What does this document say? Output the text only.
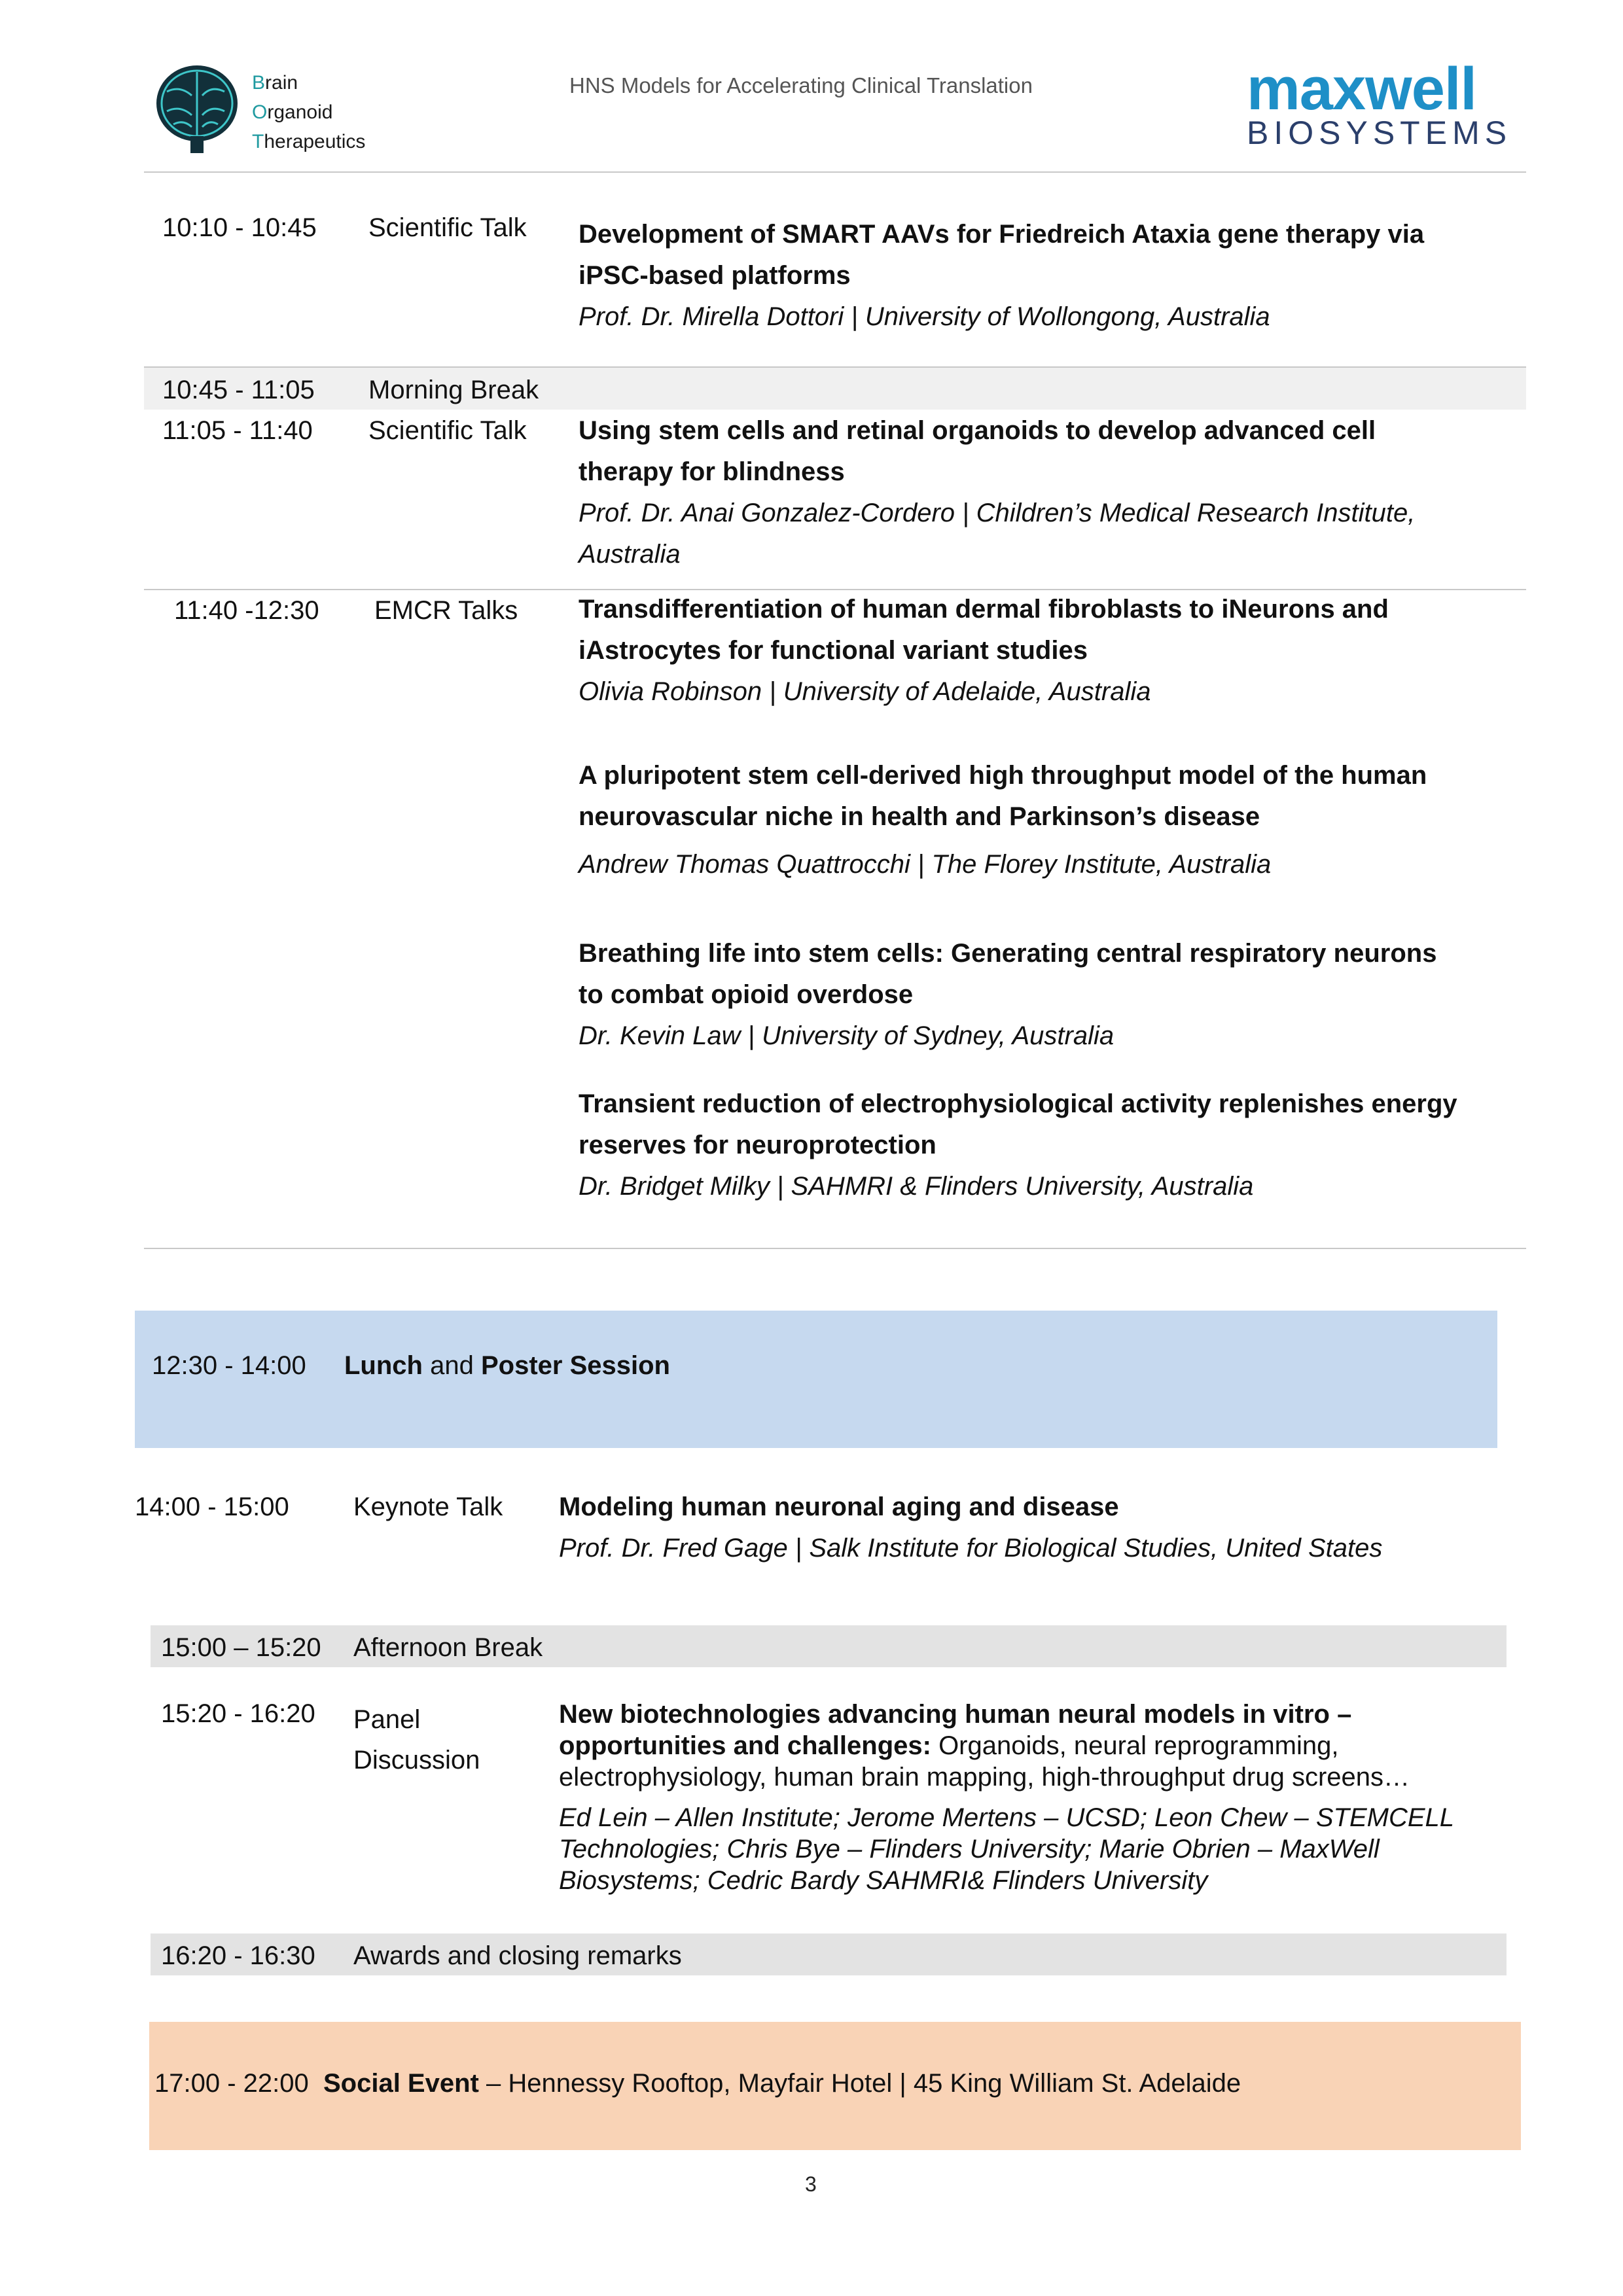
Brain
Organoid
Therapeutics
HNS Models for Accelerating Clinical Translation	maxwell
BIOSYSTEMS
10:10 - 10:45 Scientific Talk Development of SMART AAVs for Friedreich Ataxia gene therapy via
iPSC-based platforms
Prof. Dr. Mirella Dottori | University of Wollongong, Australia
10:45 - 11:05 Morning Break
11:05 - 11:40 Scientific Talk Using stem cells and retinal organoids to develop advanced cell
therapy for blindness
Prof. Dr. Anai Gonzalez-Cordero | Children’s Medical Research Institute,
Australia
11:40 -12:30 EMCR Talks Transdifferentiation of human dermal fibroblasts to iNeurons and
iAstrocytes for functional variant studies
Olivia Robinson | University of Adelaide, Australia
A pluripotent stem cell-derived high throughput model of the human
neurovascular niche in health and Parkinson’s disease
Andrew Thomas Quattrocchi | The Florey Institute, Australia
Breathing life into stem cells: Generating central respiratory neurons
to combat opioid overdose
Dr. Kevin Law | University of Sydney, Australia
Transient reduction of electrophysiological activity replenishes energy
reserves for neuroprotection
Dr. Bridget Milky | SAHMRI & Flinders University, Australia
12:30 - 14:00 Lunch and Poster Session
14:00 - 15:00 Keynote Talk Modeling human neuronal aging and disease
Prof. Dr. Fred Gage | Salk Institute for Biological Studies, United States
15:00 – 15:20 Afternoon Break
15:20 - 16:20 Panel
Discussion
New biotechnologies advancing human neural models in vitro –
opportunities and challenges: Organoids, neural reprogramming,
electrophysiology, human brain mapping, high-throughput drug screens…
Ed Lein – Allen Institute; Jerome Mertens – UCSD; Leon Chew – STEMCELL
Technologies; Chris Bye – Flinders University; Marie Obrien – MaxWell
Biosystems; Cedric Bardy SAHMRI& Flinders University
16:20 - 16:30 Awards and closing remarks
17:00 - 22:00 Social Event – Hennessy Rooftop, Mayfair Hotel | 45 King William St. Adelaide
3
